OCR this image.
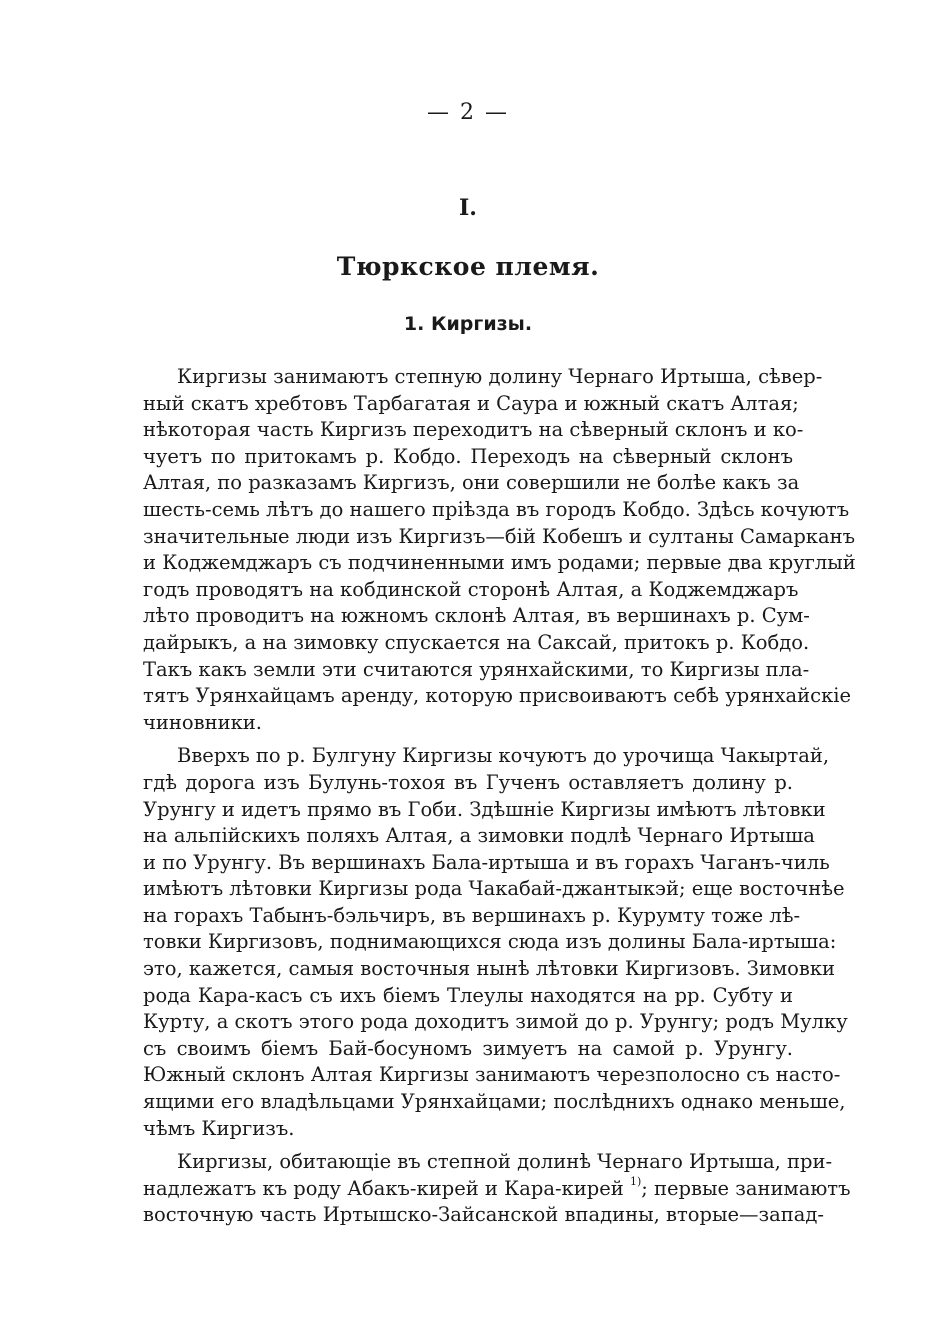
— 2 —
I.
Тюркское племя.
1. Киргизы.
Киргизы занимаютъ степную долину Чернаго Иртыша, сѣвер-
ный скатъ хребтовъ Тарбагатая и Саура и южный скатъ Алтая;
нѣкоторая часть Киргизъ переходитъ на сѣверный склонъ и ко-
чуетъ по притокамъ р. Кобдо. Переходъ на сѣверный склонъ
Алтая, по разказамъ Киргизъ, они совершили не болѣе какъ за
шесть-семь лѣтъ до нашего пріѣзда въ городъ Кобдо. Здѣсь кочуютъ
значительные люди изъ Киргизъ—бій Кобешъ и султаны Самарканъ
и Коджемджаръ съ подчиненными имъ родами; первые два круглый
годъ проводятъ на кобдинской сторонѣ Алтая, а Коджемджаръ
лѣто проводитъ на южномъ склонѣ Алтая, въ вершинахъ р. Сум-
дайрыкъ, а на зимовку спускается на Саксай, притокъ р. Кобдо.
Такъ какъ земли эти считаются урянхайскими, то Киргизы пла-
тятъ Урянхайцамъ аренду, которую присвоиваютъ себѣ урянхайскіе
чиновники.
Вверхъ по р. Булгуну Киргизы кочуютъ до урочища Чакыртай,
гдѣ дорога изъ Булунь-тохоя въ Гученъ оставляетъ долину р.
Урунгу и идетъ прямо въ Гоби. Здѣшніе Киргизы имѣютъ лѣтовки
на альпійскихъ поляхъ Алтая, а зимовки подлѣ Чернаго Иртыша
и по Урунгу. Въ вершинахъ Бала-иртыша и въ горахъ Чаганъ-чиль
имѣютъ лѣтовки Киргизы рода Чакабай-джантыкэй; еще восточнѣе
на горахъ Табынъ-бэльчиръ, въ вершинахъ р. Курумту тоже лѣ-
товки Киргизовъ, поднимающихся сюда изъ долины Бала-иртыша:
это, кажется, самыя восточныя нынѣ лѣтовки Киргизовъ. Зимовки
рода Кара-касъ съ ихъ біемъ Тлеулы находятся на рр. Субту и
Курту, а скотъ этого рода доходитъ зимой до р. Урунгу; родъ Мулку
съ своимъ біемъ Бай-босуномъ зимуетъ на самой р. Урунгу.
Южный склонъ Алтая Киргизы занимаютъ черезполосно съ насто-
ящими его владѣльцами Урянхайцами; послѣднихъ однако меньше,
чѣмъ Киргизъ.
Киргизы, обитающіе въ степной долинѣ Чернаго Иртыша, при-
надлежатъ къ роду Абакъ-кирей и Кара-кирей $^{1)}$; первые занимаютъ
восточную часть Иртышско-Зайсанской впадины, вторые—запад-
